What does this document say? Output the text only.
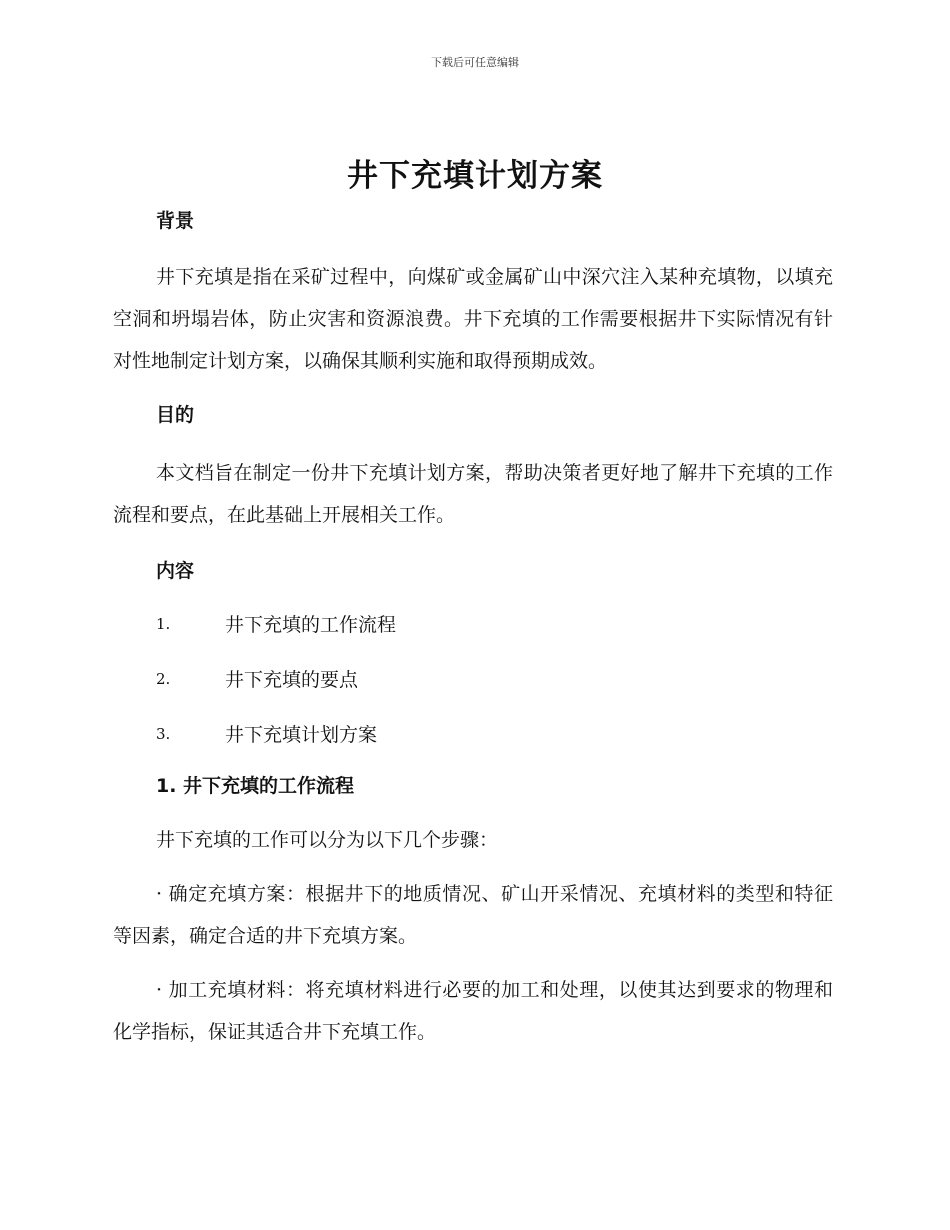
下载后可任意编辑
井下充填计划方案
背景

井下充填是指在采矿过程中，向煤矿或金属矿山中深穴注入某种充填物，以填充空洞和坍塌岩体，防止灾害和资源浪费。井下充填的工作需要根据井下实际情况有针对性地制定计划方案，以确保其顺利实施和取得预期成效。

目的

本文档旨在制定一份井下充填计划方案，帮助决策者更好地了解井下充填的工作流程和要点，在此基础上开展相关工作。

内容
1.	井下充填的工作流程
2.	井下充填的要点
3.	井下充填计划方案
1. 井下充填的工作流程

井下充填的工作可以分为以下几个步骤：

· 确定充填方案：根据井下的地质情况、矿山开采情况、充填材料的类型和特征等因素，确定合适的井下充填方案。

· 加工充填材料：将充填材料进行必要的加工和处理，以使其达到要求的物理和化学指标，保证其适合井下充填工作。
